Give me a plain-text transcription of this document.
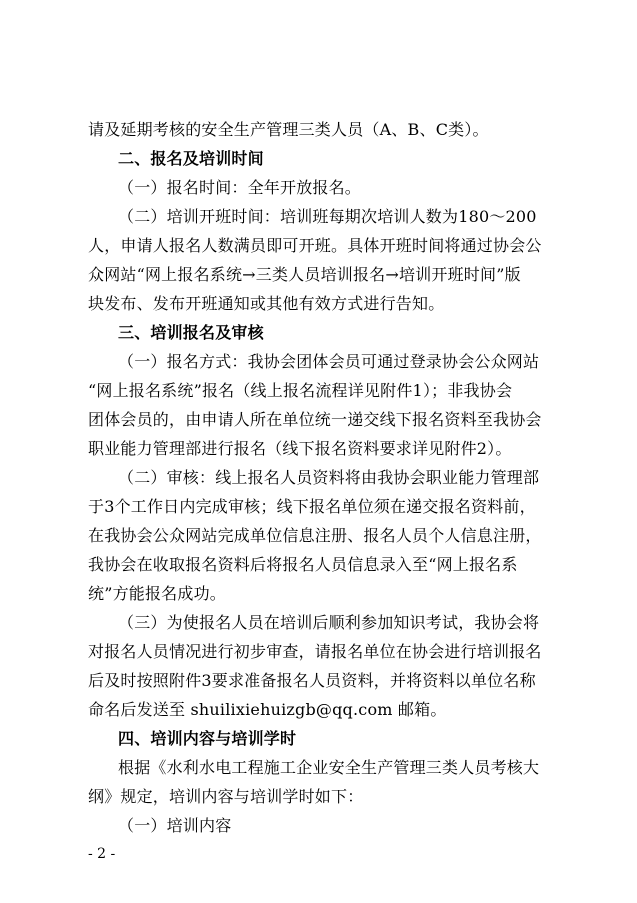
请及延期考核的安全生产管理三类人员（A、B、C类）。
二、报名及培训时间
（一）报名时间：全年开放报名。
（二）培训开班时间：培训班每期次培训人数为180～200
人，申请人报名人数满员即可开班。具体开班时间将通过协会公
众网站“网上报名系统→三类人员培训报名→培训开班时间”版
块发布、发布开班通知或其他有效方式进行告知。
三、培训报名及审核
（一）报名方式：我协会团体会员可通过登录协会公众网站
“网上报名系统”报名（线上报名流程详见附件1）；非我协会
团体会员的，由申请人所在单位统一递交线下报名资料至我协会
职业能力管理部进行报名（线下报名资料要求详见附件2）。
（二）审核：线上报名人员资料将由我协会职业能力管理部
于3个工作日内完成审核；线下报名单位须在递交报名资料前，
在我协会公众网站完成单位信息注册、报名人员个人信息注册，
我协会在收取报名资料后将报名人员信息录入至“网上报名系
统”方能报名成功。
（三）为使报名人员在培训后顺利参加知识考试，我协会将
对报名人员情况进行初步审查，请报名单位在协会进行培训报名
后及时按照附件3要求准备报名人员资料，并将资料以单位名称
命名后发送至 shuilixiehuizgb@qq.com 邮箱。
四、培训内容与培训学时
根据《水利水电工程施工企业安全生产管理三类人员考核大
纲》规定，培训内容与培训学时如下：
（一）培训内容
- 2 -
